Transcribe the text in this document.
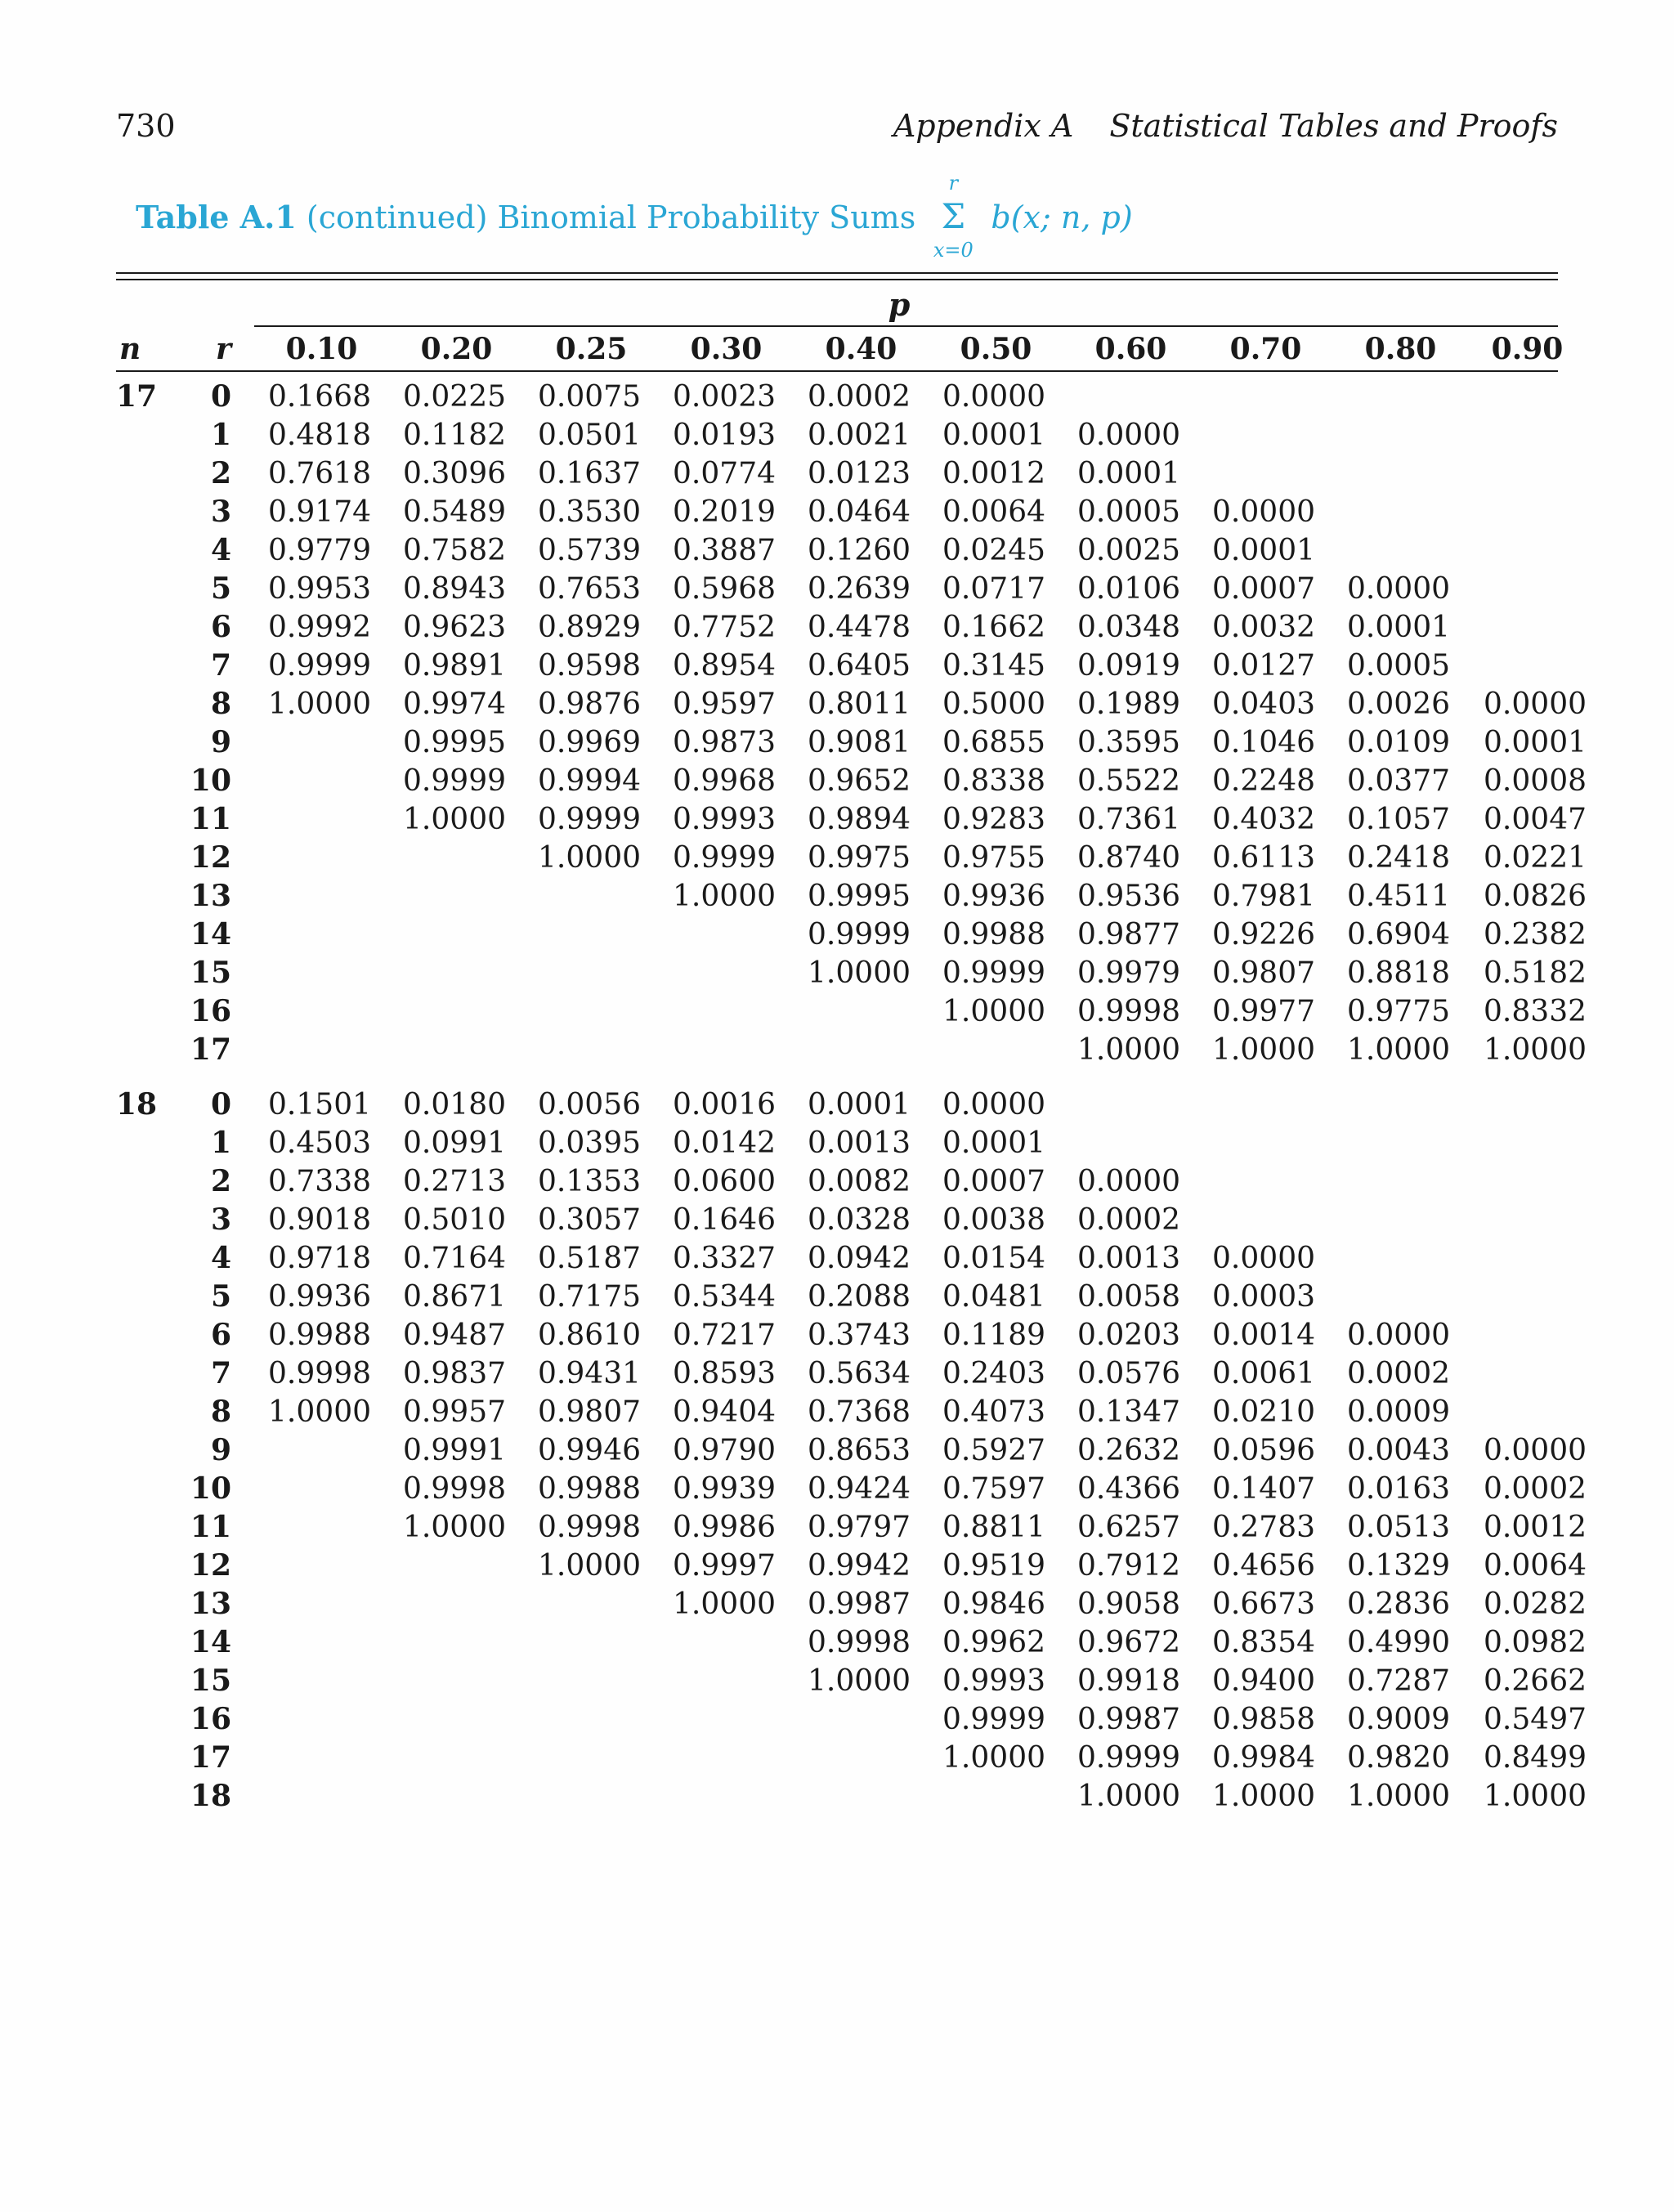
730	Appendix A Statistical Tables and Proofs
Table A.1 (continued) Binomial Probability Sums
r
Σ
x=0
b(x; n, p)
p
n	r	0.10	0.20	0.25	0.30	0.40	0.50	0.60	0.70	0.80	0.90
17	0	0.1668	0.0225	0.0075	0.0023	0.0002	0.0000				
	1	0.4818	0.1182	0.0501	0.0193	0.0021	0.0001	0.0000			
	2	0.7618	0.3096	0.1637	0.0774	0.0123	0.0012	0.0001			
	3	0.9174	0.5489	0.3530	0.2019	0.0464	0.0064	0.0005	0.0000		
	4	0.9779	0.7582	0.5739	0.3887	0.1260	0.0245	0.0025	0.0001		
	5	0.9953	0.8943	0.7653	0.5968	0.2639	0.0717	0.0106	0.0007	0.0000	
	6	0.9992	0.9623	0.8929	0.7752	0.4478	0.1662	0.0348	0.0032	0.0001	
	7	0.9999	0.9891	0.9598	0.8954	0.6405	0.3145	0.0919	0.0127	0.0005	
	8	1.0000	0.9974	0.9876	0.9597	0.8011	0.5000	0.1989	0.0403	0.0026	0.0000
	9		0.9995	0.9969	0.9873	0.9081	0.6855	0.3595	0.1046	0.0109	0.0001
	10		0.9999	0.9994	0.9968	0.9652	0.8338	0.5522	0.2248	0.0377	0.0008
	11		1.0000	0.9999	0.9993	0.9894	0.9283	0.7361	0.4032	0.1057	0.0047
	12			1.0000	0.9999	0.9975	0.9755	0.8740	0.6113	0.2418	0.0221
	13				1.0000	0.9995	0.9936	0.9536	0.7981	0.4511	0.0826
	14					0.9999	0.9988	0.9877	0.9226	0.6904	0.2382
	15					1.0000	0.9999	0.9979	0.9807	0.8818	0.5182
	16						1.0000	0.9998	0.9977	0.9775	0.8332
	17							1.0000	1.0000	1.0000	1.0000

18	0	0.1501	0.0180	0.0056	0.0016	0.0001	0.0000				
	1	0.4503	0.0991	0.0395	0.0142	0.0013	0.0001				
	2	0.7338	0.2713	0.1353	0.0600	0.0082	0.0007	0.0000			
	3	0.9018	0.5010	0.3057	0.1646	0.0328	0.0038	0.0002			
	4	0.9718	0.7164	0.5187	0.3327	0.0942	0.0154	0.0013	0.0000		
	5	0.9936	0.8671	0.7175	0.5344	0.2088	0.0481	0.0058	0.0003		
	6	0.9988	0.9487	0.8610	0.7217	0.3743	0.1189	0.0203	0.0014	0.0000	
	7	0.9998	0.9837	0.9431	0.8593	0.5634	0.2403	0.0576	0.0061	0.0002	
	8	1.0000	0.9957	0.9807	0.9404	0.7368	0.4073	0.1347	0.0210	0.0009	
	9		0.9991	0.9946	0.9790	0.8653	0.5927	0.2632	0.0596	0.0043	0.0000
	10		0.9998	0.9988	0.9939	0.9424	0.7597	0.4366	0.1407	0.0163	0.0002
	11		1.0000	0.9998	0.9986	0.9797	0.8811	0.6257	0.2783	0.0513	0.0012
	12			1.0000	0.9997	0.9942	0.9519	0.7912	0.4656	0.1329	0.0064
	13				1.0000	0.9987	0.9846	0.9058	0.6673	0.2836	0.0282
	14					0.9998	0.9962	0.9672	0.8354	0.4990	0.0982
	15					1.0000	0.9993	0.9918	0.9400	0.7287	0.2662
	16						0.9999	0.9987	0.9858	0.9009	0.5497
	17						1.0000	0.9999	0.9984	0.9820	0.8499
	18							1.0000	1.0000	1.0000	1.0000
